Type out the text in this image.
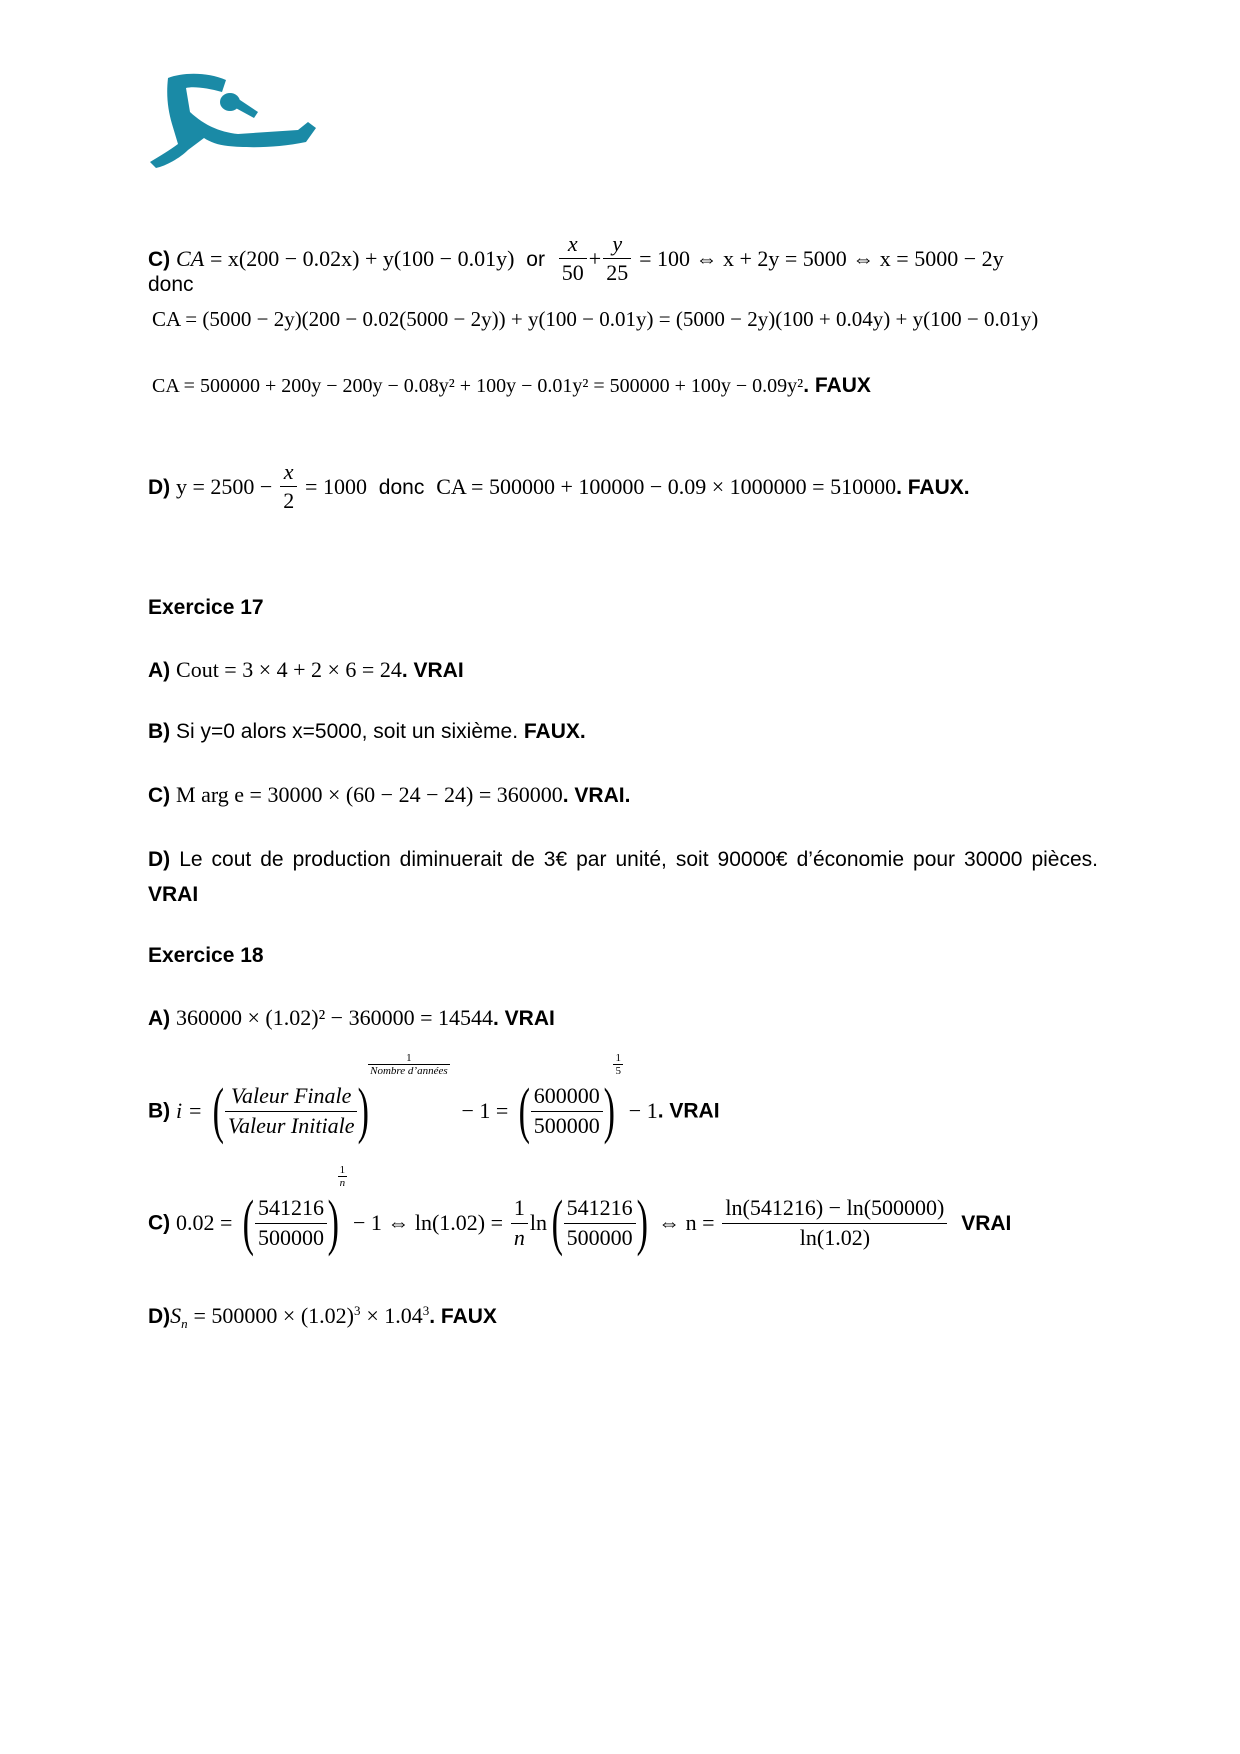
C) CA = x(200 − 0.02x) + y(100 − 0.01y) or $\frac{x}{50} + \frac{y}{25} = 100$ ⇔ x + 2y = 5000 ⇔ x = 5000 − 2y
donc
CA = (5000 − 2y)(200 − 0.02(5000 − 2y)) + y(100 − 0.01y) = (5000 − 2y)(100 + 0.04y) + y(100 − 0.01y)
CA = 500000 + 200y − 200y − 0.08y² + 100y − 0.01y² = 500000 + 100y − 0.09y². FAUX
D) $y = 2500 - \frac{x}{2} = 1000$ donc CA = 500000 + 100000 − 0.09 × 1000000 = 510000. FAUX.
Exercice 17
A) Cout = 3 × 4 + 2 × 6 = 24. VRAI
B) Si y=0 alors x=5000, soit un sixième. FAUX.
C) M arg e = 30000 × (60 − 24 − 24) = 360000. VRAI.
D) Le cout de production diminuerait de 3€ par unité, soit 90000€ d’économie pour 30000 pièces. VRAI
Exercice 18
A) 360000 × (1.02)² − 360000 = 14544. VRAI
B) i = ( $\frac{\text{Valeur Finale}}{\text{Valeur Initiale}}$ )
$\frac{1}{\text{Nombre d’années}}$
− 1 = ( $\frac{600000}{500000}$ )
$\frac{1}{5}$
− 1. VRAI
C) 0.02 = ( $\frac{541216}{500000}$ )
$\frac{1}{n}$
− 1 ⇔ $\ln(1.02) = \frac{1}{n} \ln( \frac{541216}{500000}$ ) ⇔ $n = \frac{\ln(541216) - \ln(500000)}{\ln(1.02)}$ VRAI
$D)S_n = 500000 \times (1.02)^3 \times 1.04^3$. FAUX
